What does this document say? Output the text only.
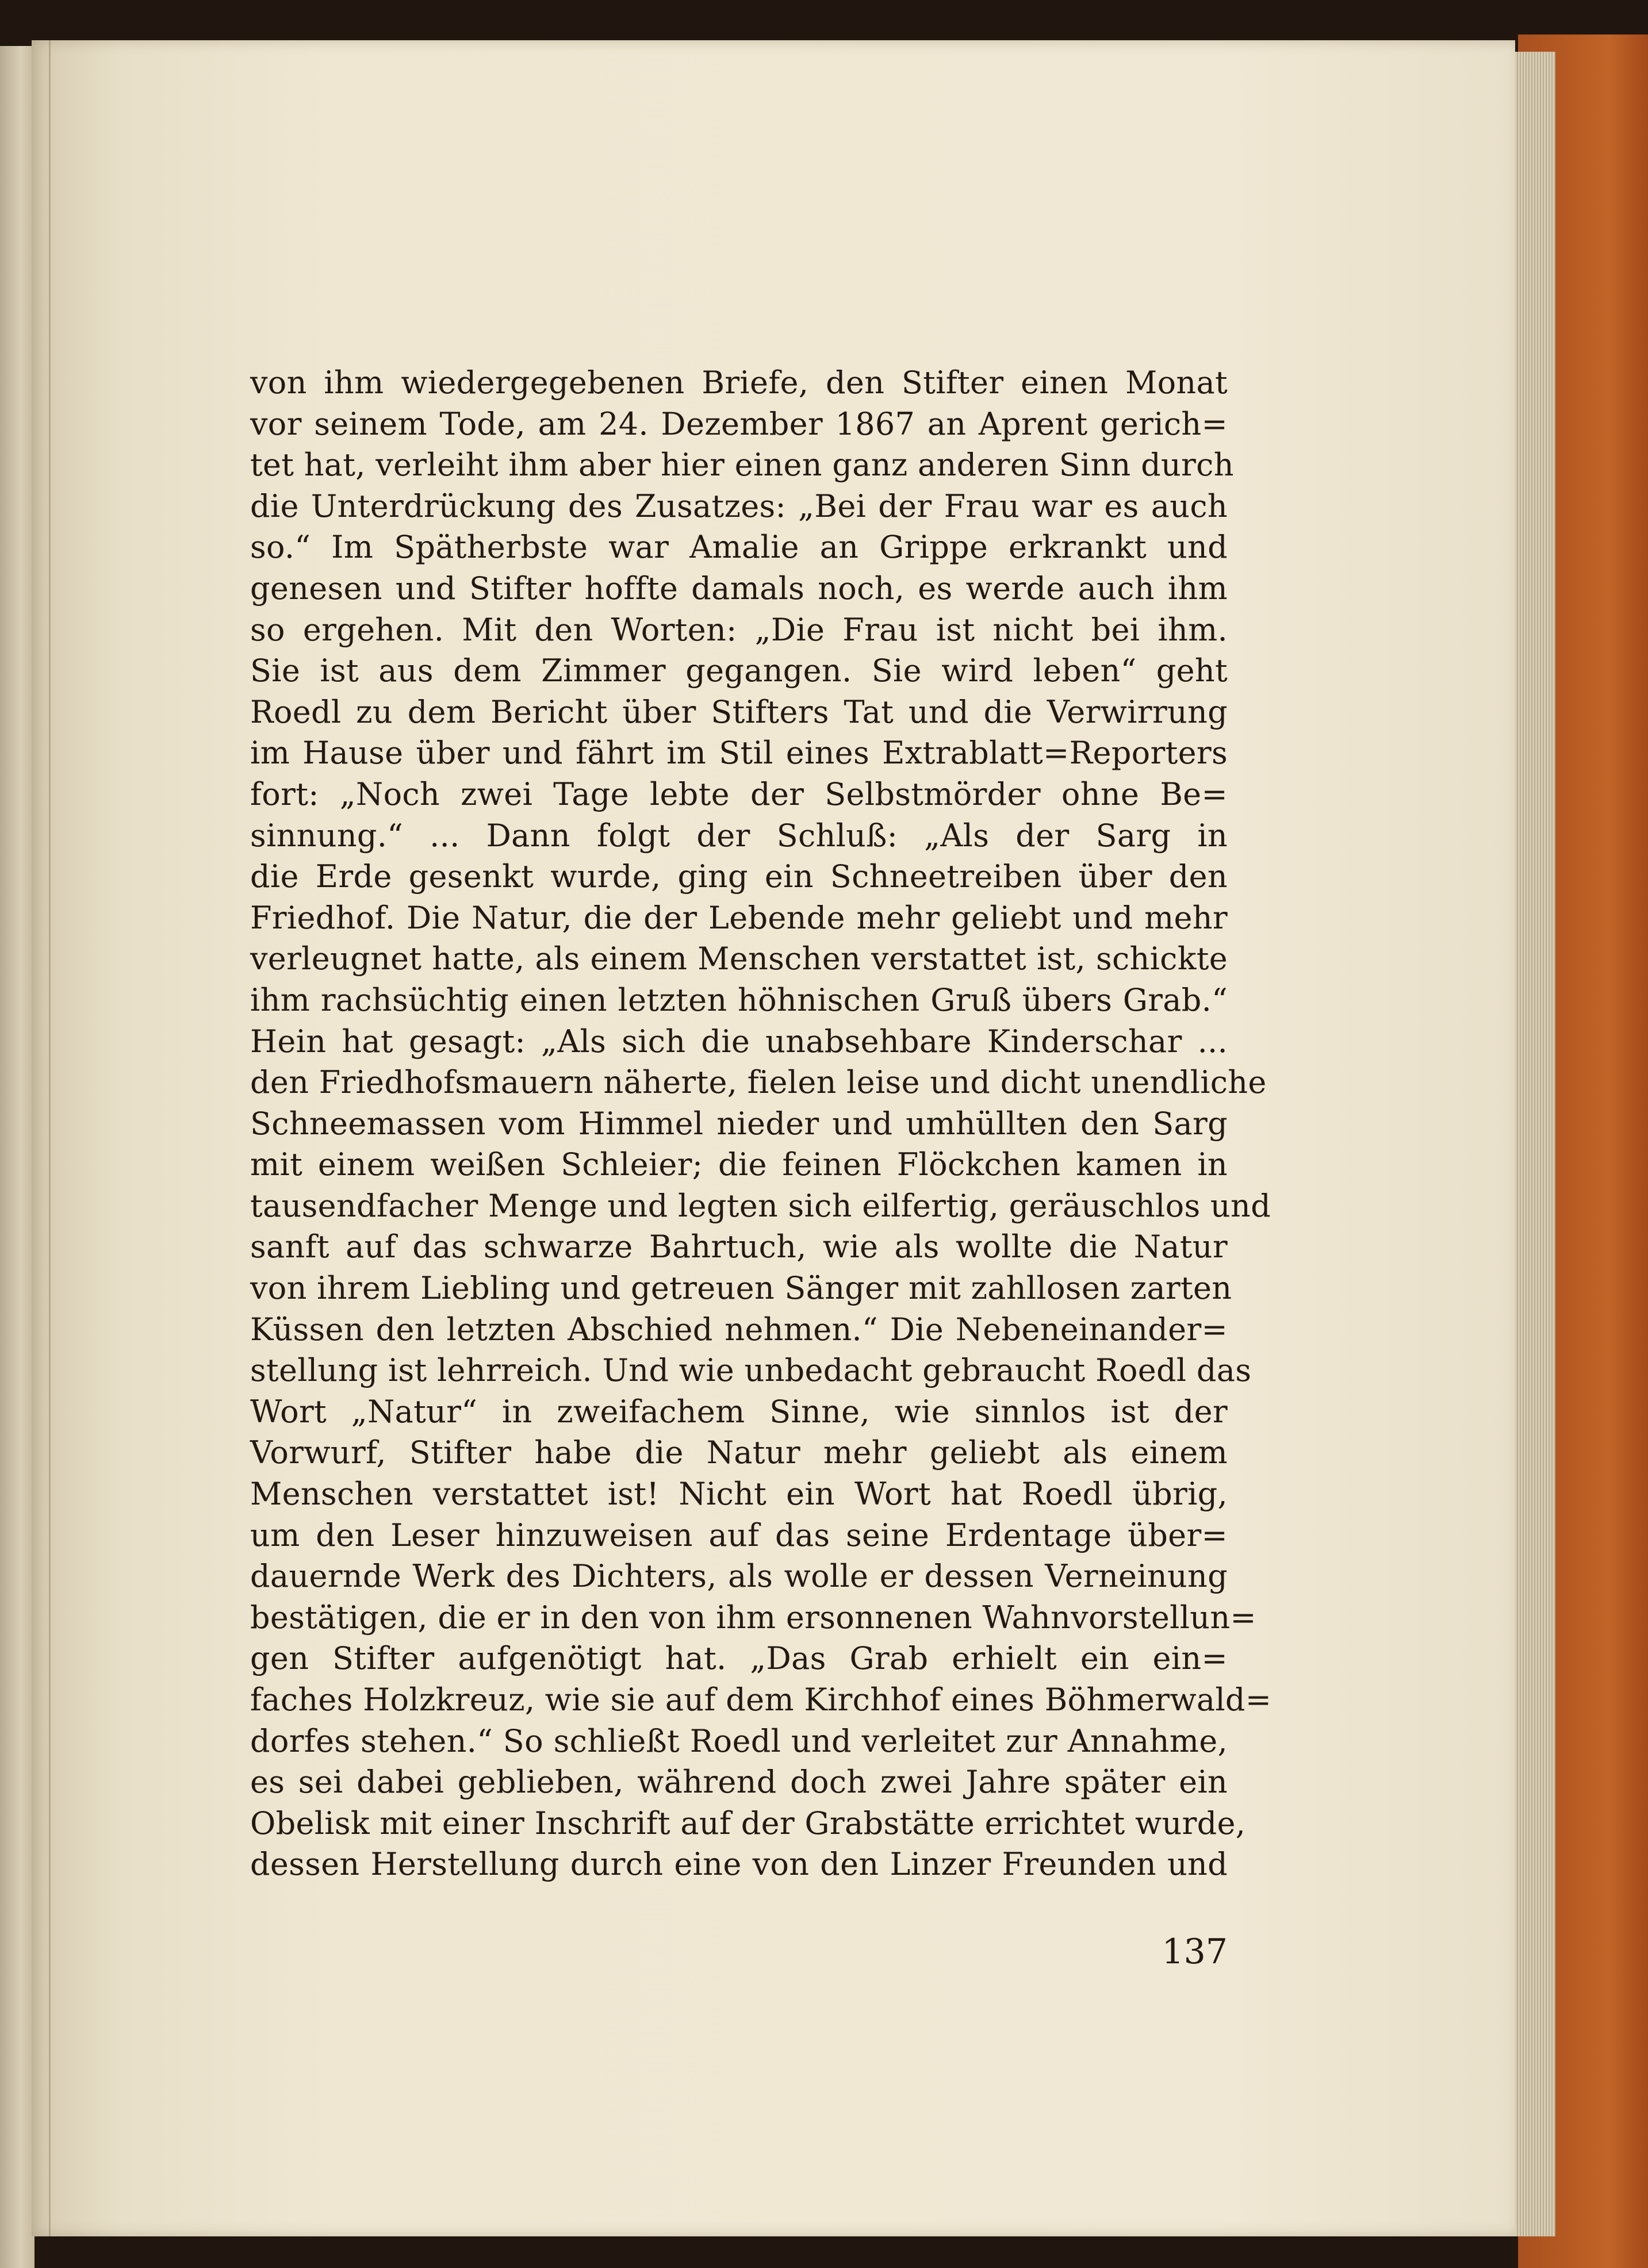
von ihm wiedergegebenen Briefe, den Stifter einen Monat
vor seinem Tode, am 24. Dezember 1867 an Aprent gerich=
tet hat, verleiht ihm aber hier einen ganz anderen Sinn durch
die Unterdrückung des Zusatzes: „Bei der Frau war es auch
so.“ Im Spätherbste war Amalie an Grippe erkrankt und
genesen und Stifter hoffte damals noch, es werde auch ihm
so ergehen. Mit den Worten: „Die Frau ist nicht bei ihm.
Sie ist aus dem Zimmer gegangen. Sie wird leben“ geht
Roedl zu dem Bericht über Stifters Tat und die Verwirrung
im Hause über und fährt im Stil eines Extrablatt=Reporters
fort: „Noch zwei Tage lebte der Selbstmörder ohne Be=
sinnung.“ ... Dann folgt der Schluß: „Als der Sarg in
die Erde gesenkt wurde, ging ein Schneetreiben über den
Friedhof. Die Natur, die der Lebende mehr geliebt und mehr
verleugnet hatte, als einem Menschen verstattet ist, schickte
ihm rachsüchtig einen letzten höhnischen Gruß übers Grab.“
Hein hat gesagt: „Als sich die unabsehbare Kinderschar ...
den Friedhofsmauern näherte, fielen leise und dicht unendliche
Schneemassen vom Himmel nieder und umhüllten den Sarg
mit einem weißen Schleier; die feinen Flöckchen kamen in
tausendfacher Menge und legten sich eilfertig, geräuschlos und
sanft auf das schwarze Bahrtuch, wie als wollte die Natur
von ihrem Liebling und getreuen Sänger mit zahllosen zarten
Küssen den letzten Abschied nehmen.“ Die Nebeneinander=
stellung ist lehrreich. Und wie unbedacht gebraucht Roedl das
Wort „Natur“ in zweifachem Sinne, wie sinnlos ist der
Vorwurf, Stifter habe die Natur mehr geliebt als einem
Menschen verstattet ist! Nicht ein Wort hat Roedl übrig,
um den Leser hinzuweisen auf das seine Erdentage über=
dauernde Werk des Dichters, als wolle er dessen Verneinung
bestätigen, die er in den von ihm ersonnenen Wahnvorstellun=
gen Stifter aufgenötigt hat. „Das Grab erhielt ein ein=
faches Holzkreuz, wie sie auf dem Kirchhof eines Böhmerwald=
dorfes stehen.“ So schließt Roedl und verleitet zur Annahme,
es sei dabei geblieben, während doch zwei Jahre später ein
Obelisk mit einer Inschrift auf der Grabstätte errichtet wurde,
dessen Herstellung durch eine von den Linzer Freunden und
137
